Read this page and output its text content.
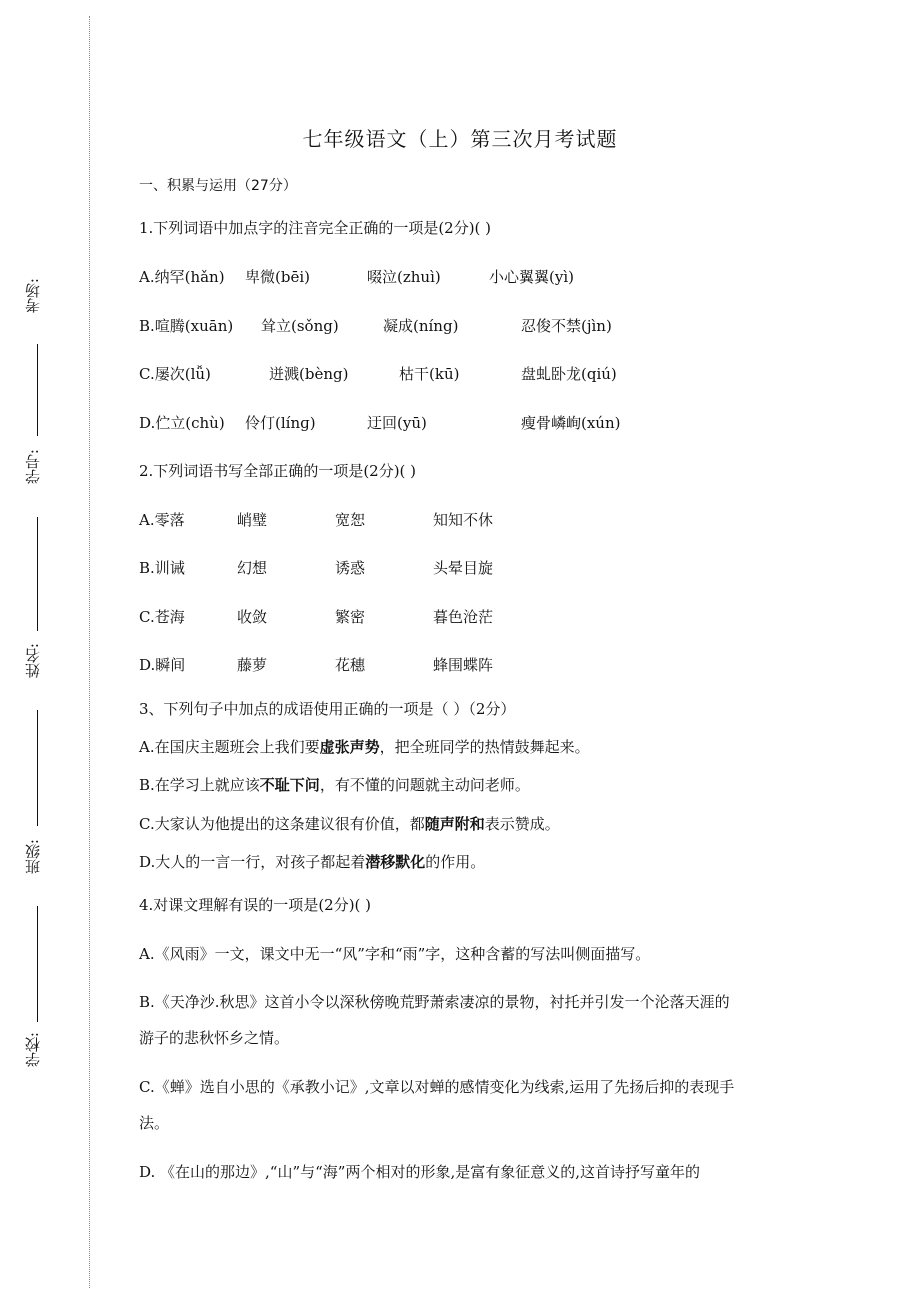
考场:
学号:
姓名:
班级:
学校:
七年级语文（上）第三次月考试题
一、积累与运用（27分）
1.下列词语中加点字的注音完全正确的一项是(2分)( )
A.纳罕(hǎn) 卑微(bēi)	啜泣(zhuì)	小心翼翼(yì)
B.喧腾(xuān) 耸立(sǒng)	凝成(níng)	忍俊不禁(jìn)
C.屡次(lǚ)	迸溅(bèng)	枯干(kū)	盘虬卧龙(qiú)
D.伫立(chù) 伶仃(línɡ)	迂回(yū)	瘦骨嶙峋(xún)
2.下列词语书写全部正确的一项是(2分)( )
A.零落	峭璧	宽恕	知知不休
B.训诫	幻想	诱惑	头晕目旋
C.苍海	收敛	繁密	暮色沧茫
D.瞬间	藤萝	花穗	蜂围蝶阵
3、下列句子中加点的成语使用正确的一项是（ ）（2分）
A.在国庆主题班会上我们要虚张声势，把全班同学的热情鼓舞起来。
B.在学习上就应该不耻下问，有不懂的问题就主动问老师。
C.大家认为他提出的这条建议很有价值，都随声附和表示赞成。
D.大人的一言一行，对孩子都起着潜移默化的作用。
4.对课文理解有误的一项是(2分)( )
A.《风雨》一文，课文中无一“风”字和“雨”字，这种含蓄的写法叫侧面描写。
B.《天净沙.秋思》这首小令以深秋傍晚荒野萧索凄凉的景物，衬托并引发一个沦落天涯的
游子的悲秋怀乡之情。
C.《蝉》选自小思的《承教小记》,文章以对蝉的感情变化为线索,运用了先扬后抑的表现手
法。
D. 《在山的那边》,“山”与“海”两个相对的形象,是富有象征意义的,这首诗抒写童年的
